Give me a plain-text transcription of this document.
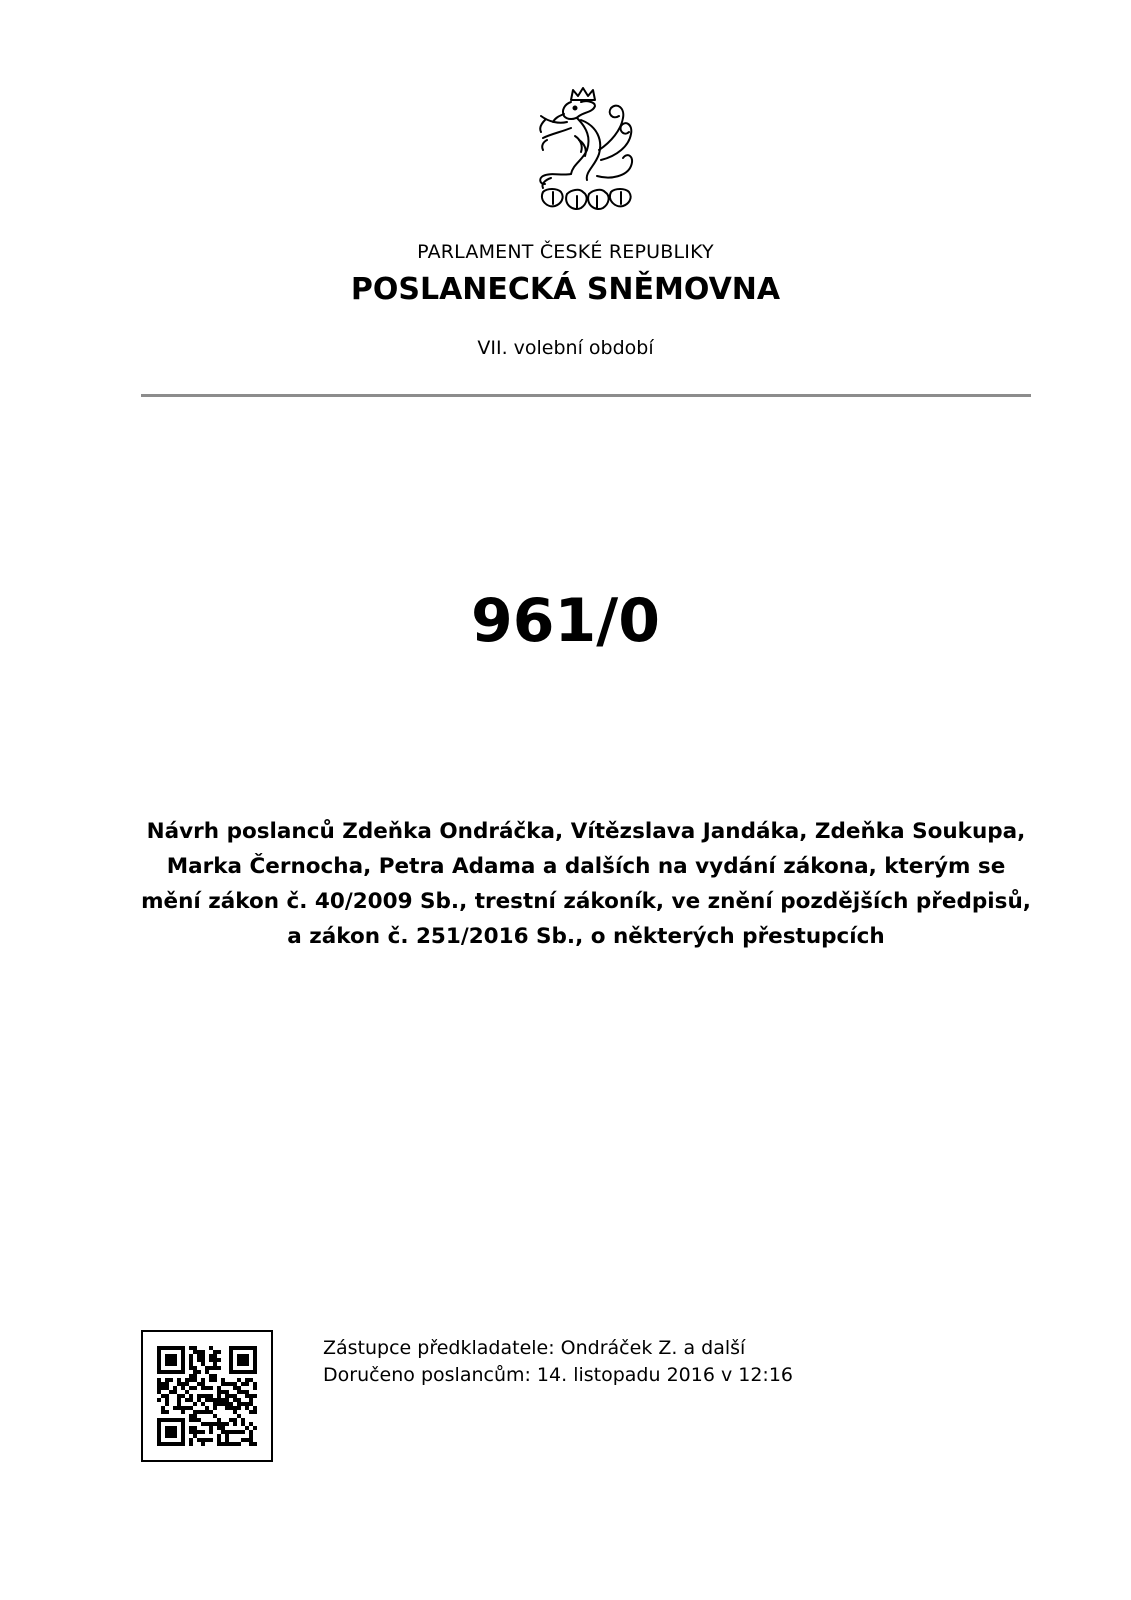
PARLAMENT ČESKÉ REPUBLIKY
POSLANECKÁ SNĚMOVNA
VII. volební období
961/0
Návrh poslanců Zdeňka Ondráčka, Vítězslava Jandáka, Zdeňka Soukupa,
Marka Černocha, Petra Adama a dalších na vydání zákona, kterým se
mění zákon č. 40/2009 Sb., trestní zákoník, ve znění pozdějších předpisů,
a zákon č. 251/2016 Sb., o některých přestupcích
Zástupce předkladatele: Ondráček Z. a další
Doručeno poslancům: 14. listopadu 2016 v 12:16
